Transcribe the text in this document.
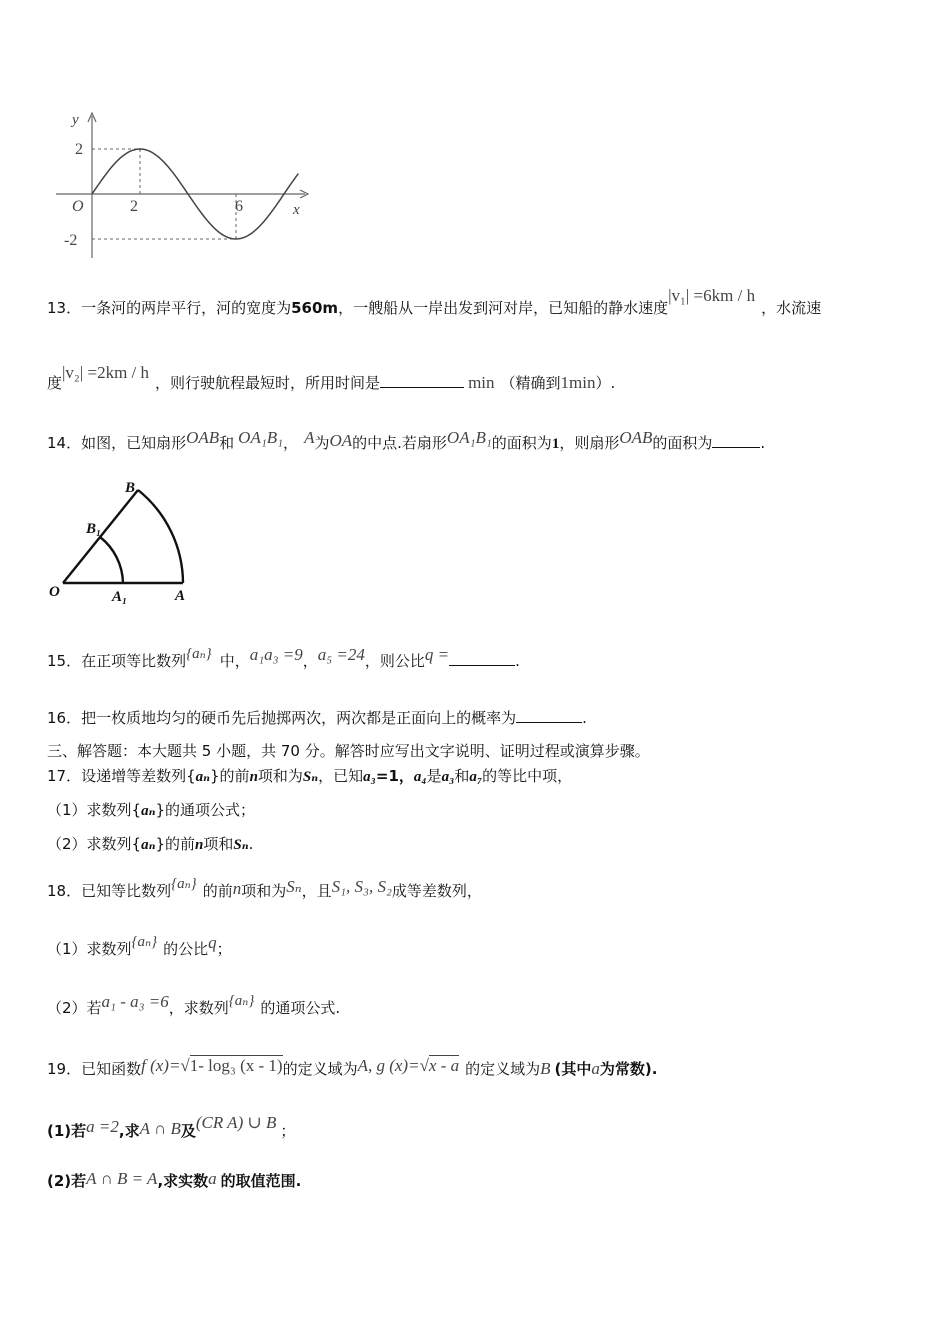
y
x
O
2
-2
2	6
13．一条河的两岸平行，河的宽度为560m，一艘船从一岸出发到河对岸，已知船的静水速度|v₁| =6km / h，水流速
度|v₂| =2km / h，则行驶航程最短时，所用时间是	min （精确到1min）.
14．如图，已知扇形OAB和 OA₁B₁， A为OA的中点.若扇形OA₁B₁的面积为1，则扇形OAB的面积为	.
O	A₁	A
B₁
B
15．在正项等比数列{aₙ} 中，a₁a₃ =9，a₅ =24，则公比q =	.
16．把一枚质地均匀的硬币先后抛掷两次，两次都是正面向上的概率为	.
三、解答题：本大题共 5 小题，共 70 分。解答时应写出文字说明、证明过程或演算步骤。
17．设递增等差数列{aₙ}的前n项和为Sₙ，已知a₃=1，a₄是a₃和a₇的等比中项，
（1）求数列{aₙ}的通项公式；
（2）求数列{aₙ}的前n项和Sₙ.
18．已知等比数列{aₙ} 的前n项和为Sₙ，且S₁, S₃, S₂成等差数列，
（1）求数列{aₙ} 的公比q；
（2）若a₁ - a₃ =6，求数列{aₙ} 的通项公式.
19．已知函数f (x)=√1- log₃ (x - 1)的定义域为A, g (x)=√x - a 的定义域为B (其中a为常数).
(1)若a =2,求A ∩ B及(CR A) ∪ B ；
(2)若A ∩ B = A,求实数a 的取值范围.
